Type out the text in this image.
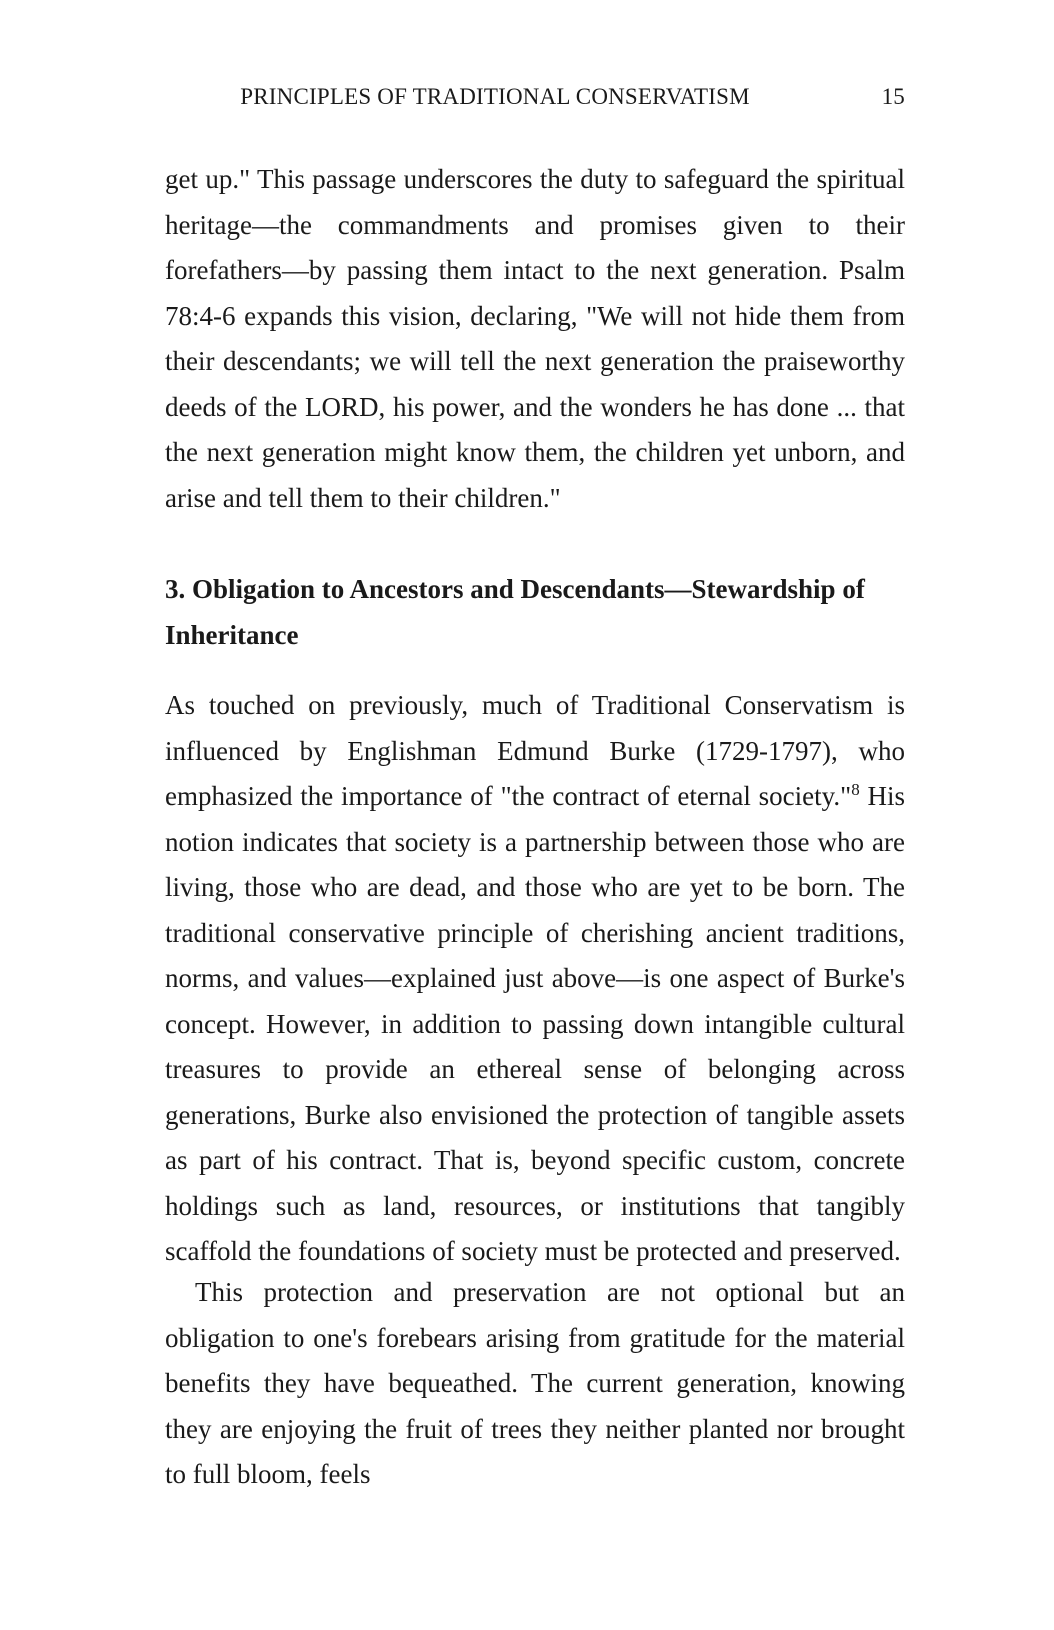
PRINCIPLES OF TRADITIONAL CONSERVATISM	15

get up." This passage underscores the duty to safeguard the spiritual heritage—the commandments and promises given to their forefathers—by passing them intact to the next generation. Psalm 78:4-6 expands this vision, declaring, "We will not hide them from their descendants; we will tell the next generation the praiseworthy deeds of the LORD, his power, and the wonders he has done ... that the next generation might know them, the children yet unborn, and arise and tell them to their children."

3. Obligation to Ancestors and Descendants—Stewardship of Inheritance

As touched on previously, much of Traditional Conservatism is influenced by Englishman Edmund Burke (1729-1797), who emphasized the importance of "the contract of eternal society."$^8$ His notion indicates that society is a partnership between those who are living, those who are dead, and those who are yet to be born. The traditional conservative principle of cherishing ancient traditions, norms, and values—explained just above—is one aspect of Burke's concept. However, in addition to passing down intangible cultural treasures to provide an ethereal sense of belonging across generations, Burke also envisioned the protection of tangible assets as part of his contract. That is, beyond specific custom, concrete holdings such as land, resources, or institutions that tangibly scaffold the foundations of society must be protected and preserved.

This protection and preservation are not optional but an obligation to one's forebears arising from gratitude for the material benefits they have bequeathed. The current generation, knowing they are enjoying the fruit of trees they neither planted nor brought to full bloom, feels
